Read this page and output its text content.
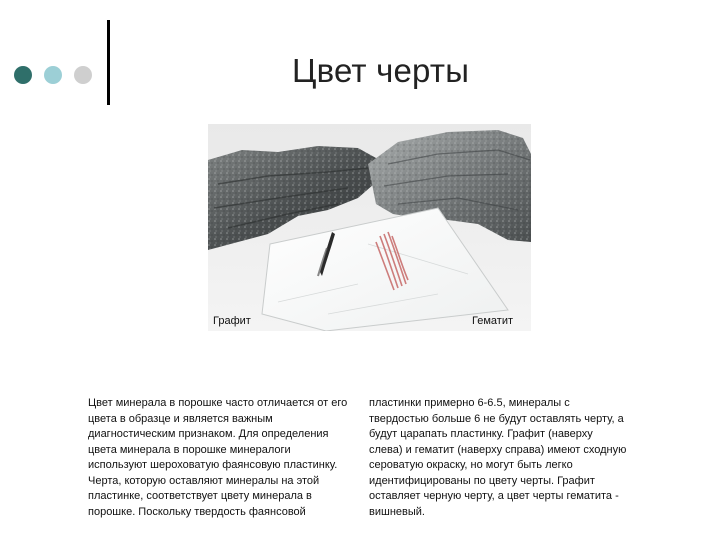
Цвет черты
Графит	Гематит
Цвет минерала в порошке часто отличается от его
цвета в образце и является важным
диагностическим признаком. Для определения
цвета минерала в порошке минералоги
используют шероховатую фаянсовую пластинку.
Черта, которую оставляют минералы на этой
пластинке, соответствует цвету минерала в
порошке. Поскольку твердость фаянсовой
пластинки примерно 6-6.5, минералы с
твердостью больше 6 не будут оставлять черту, а
будут царапать пластинку. Графит (наверху
слева) и гематит (наверху справа) имеют сходную
сероватую окраску, но могут быть легко
идентифицированы по цвету черты. Графит
оставляет черную черту, а цвет черты гематита -
вишневый.
